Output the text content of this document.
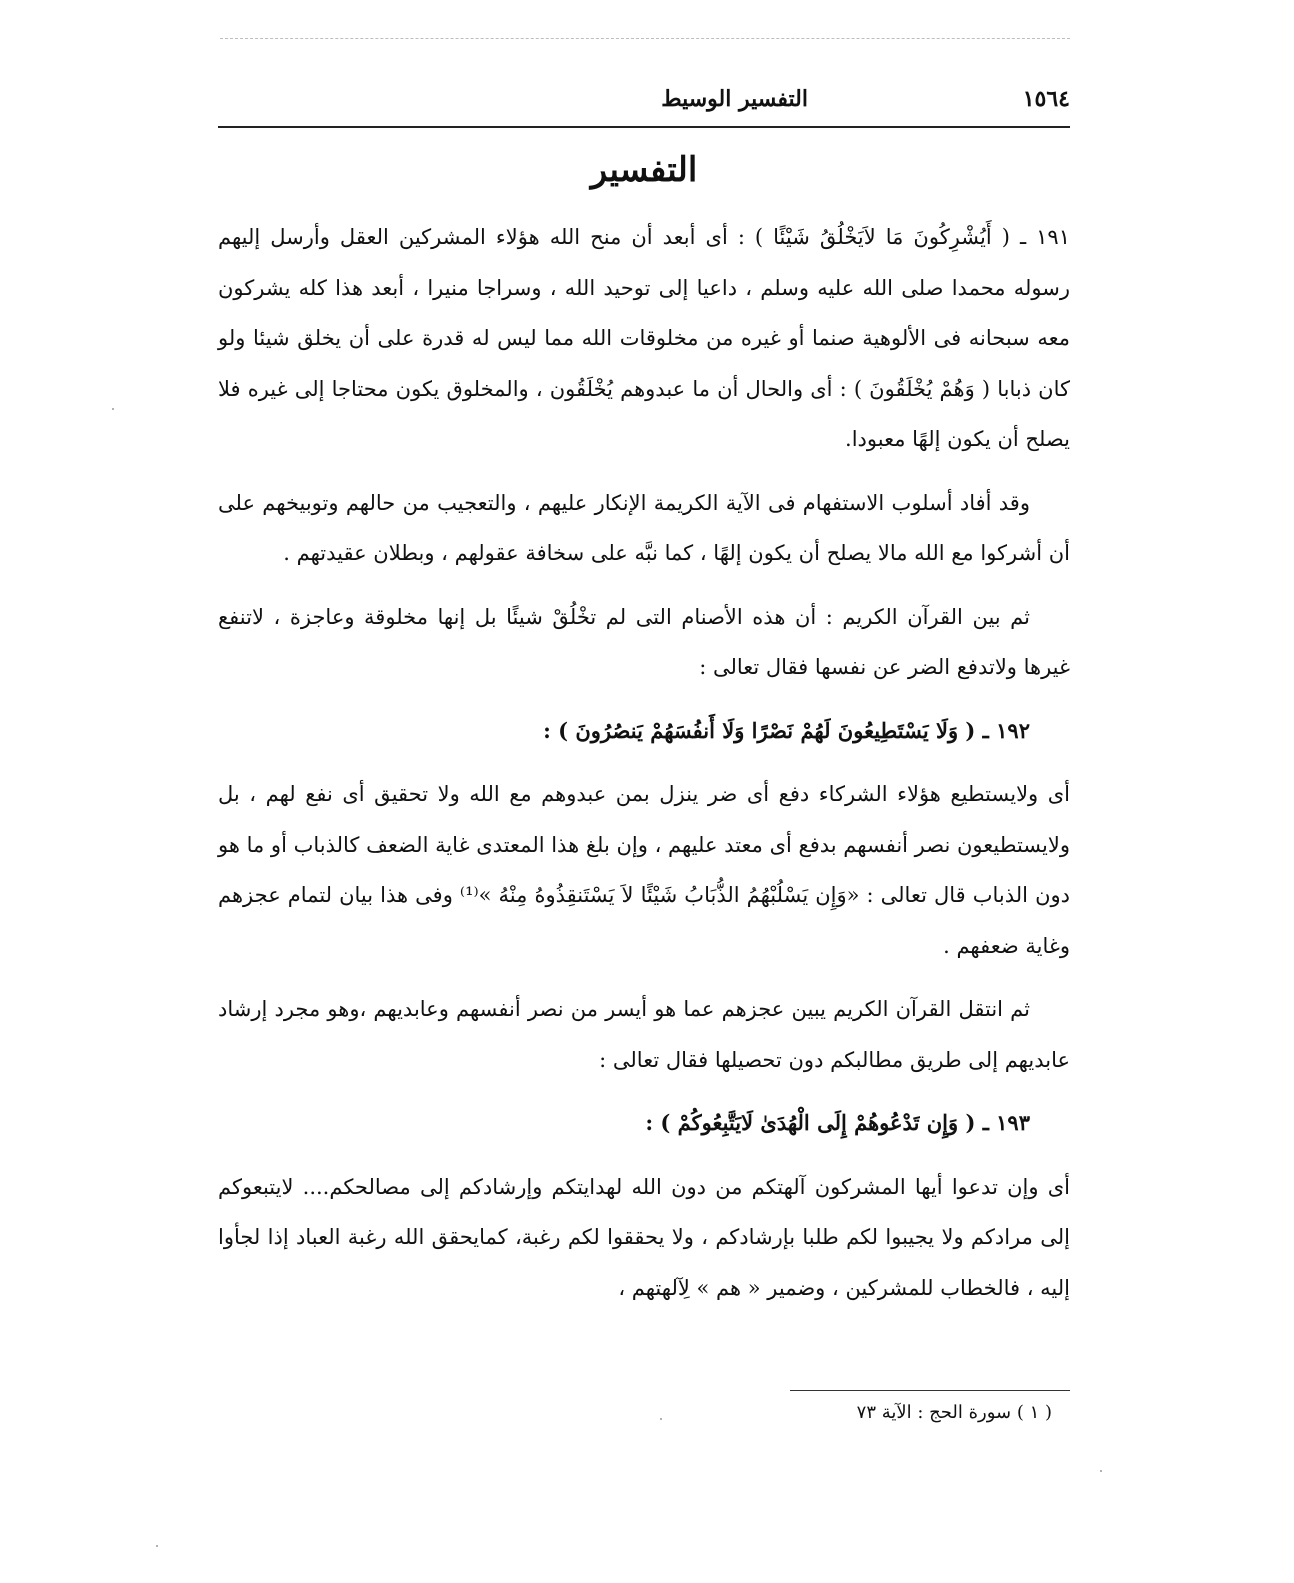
التفسير الوسيط	١٥٦٤
التفسير

١٩١ ـ ( أَيُشْرِكُونَ مَا لاَيَخْلُقُ شَيْئًا ) : أى أبعد أن منح الله هؤلاء المشركين العقل وأرسل إليهم رسوله محمدا صلى الله عليه وسلم ، داعيا إلى توحيد الله ، وسراجا منيرا ، أبعد هذا كله يشركون معه سبحانه فى الألوهية صنما أو غيره من مخلوقات الله مما ليس له قدرة على أن يخلق شيئا ولو كان ذبابا ( وَهُمْ يُخْلَقُونَ ) : أى والحال أن ما عبدوهم يُخْلَقُون ، والمخلوق يكون محتاجا إلى غيره فلا يصلح أن يكون إلهًا معبودا.

وقد أفاد أسلوب الاستفهام فى الآية الكريمة الإنكار عليهم ، والتعجيب من حالهم وتوبيخهم على أن أشركوا مع الله مالا يصلح أن يكون إلهًا ، كما نبَّه على سخافة عقولهم ، وبطلان عقيدتهم .

ثم بين القرآن الكريم : أن هذه الأصنام التى لم تخْلُقْ شيئًا بل إنها مخلوقة وعاجزة ، لاتنفع غيرها ولاتدفع الضر عن نفسها فقال تعالى :

١٩٢ ـ ( وَلَا يَسْتَطِيعُونَ لَهُمْ نَصْرًا وَلَا أَنفُسَهُمْ يَنصُرُونَ ) :

أى ولايستطيع هؤلاء الشركاء دفع أى ضر ينزل بمن عبدوهم مع الله ولا تحقيق أى نفع لهم ، بل ولايستطيعون نصر أنفسهم بدفع أى معتد عليهم ، وإن بلغ هذا المعتدى غاية الضعف كالذباب أو ما هو دون الذباب قال تعالى : «وَإِن يَسْلُبْهُمُ الذُّبَابُ شَيْئًا لاَ يَسْتَنقِذُوهُ مِنْهُ »⁽¹⁾ وفى هذا بيان لتمام عجزهم وغاية ضعفهم .

ثم انتقل القرآن الكريم يبين عجزهم عما هو أيسر من نصر أنفسهم وعابديهم ،وهو مجرد إرشاد عابديهم إلى طريق مطالبكم دون تحصيلها فقال تعالى :

١٩٣ ـ ( وَإِن تَدْعُوهُمْ إِلَى الْهُدَىٰ لَايَتَّبِعُوكُمْ ) :

أى وإن تدعوا أيها المشركون آلهتكم من دون الله لهدايتكم وإرشادكم إلى مصالحكم.... لايتبعوكم إلى مرادكم ولا يجيبوا لكم طلبا بإرشادكم ، ولا يحققوا لكم رغبة، كمايحقق الله رغبة العباد إذا لجأوا إليه ، فالخطاب للمشركين ، وضمير « هم » لِآلهتهم ،

( ١ ) سورة الحج : الآية ٧٣
